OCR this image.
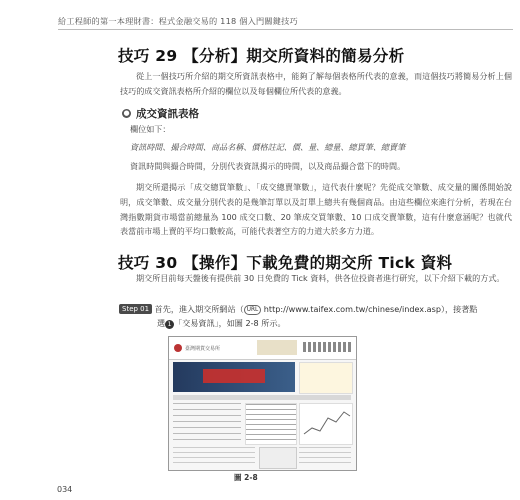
給工程師的第一本理財書：程式金融交易的 118 個入門關鍵技巧
技巧 29 【分析】期交所資料的簡易分析
從上一個技巧所介紹的期交所資訊表格中，能夠了解每個表格所代表的意義，而這個技巧將簡易分析上個技巧的成交資訊表格所介紹的欄位以及每個欄位所代表的意義。
● 成交資訊表格
欄位如下：
資訊時間、撮合時間、商品名稱、價格註記、價、量、總量、總買筆、總賣筆
資訊時間與撮合時間，分別代表資訊揭示的時間，以及商品撮合當下的時間。
期交所還揭示「成交總買筆數」、「成交總賣筆數」，這代表什麼呢？先從成交筆數、成交量的關係開始說明，成交筆數、成交量分別代表的是幾筆訂單以及訂單上總共有幾個商品。由這些欄位來進行分析，若現在台灣指數期貨市場當前總量為 100 成交口數、20 筆成交買筆數、10 口成交賣筆數，這有什麼意涵呢？也就代表當前市場上賣的平均口數較高，可能代表著空方的力道大於多方力道。
技巧 30 【操作】下載免費的期交所 Tick 資料
期交所目前每天盤後有提供前 30 日免費的 Tick 資料，供各位投資者進行研究，以下介紹下載的方式。
Step 01 首先，進入期交所網站（ URL http://www.taifex.com.tw/chinese/index.asp），接著點
選 1 「交易資訊」，如圖 2-8 所示。
臺灣期貨交易所
圖 2-8
034
